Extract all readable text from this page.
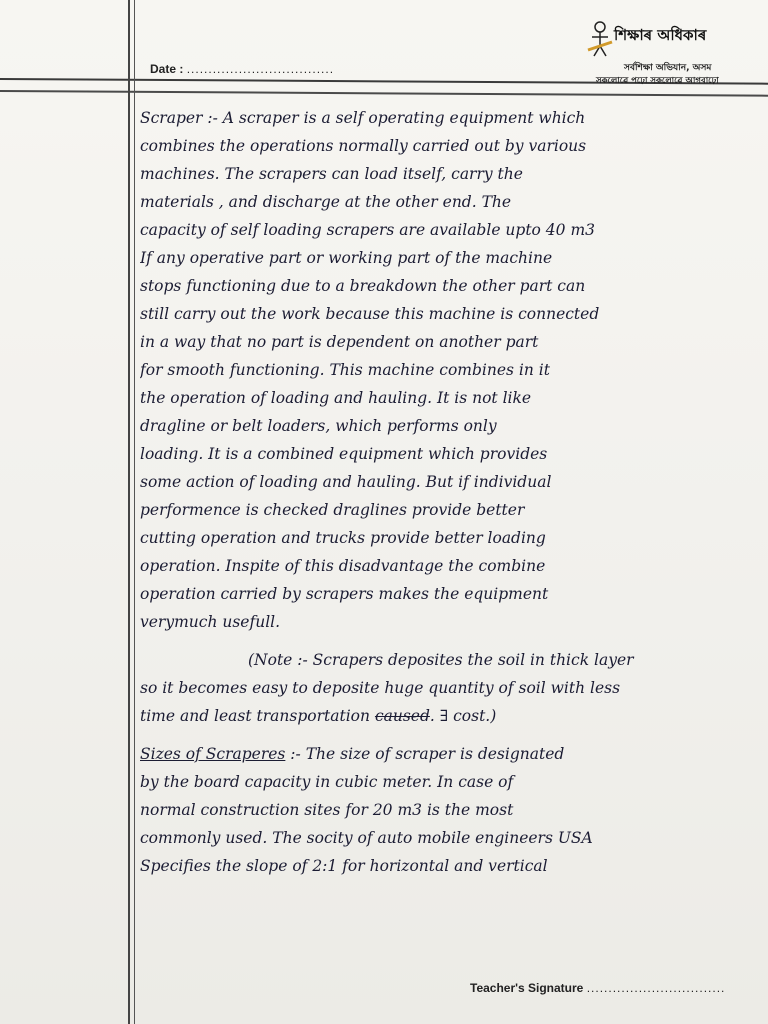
Date : ..................................
শিক্ষাৰ অধিকাৰ
সৰ্বশিক্ষা অভিযান, অসম
সকলোৱে পঢ়ো সকলোৱে আগবাঢ়ো
Scraper :- A scraper is a self operating equipment which
combines the operations normally carried out by various
machines. The scrapers can load itself, carry the
materials , and discharge at the other end. The
capacity of self loading scrapers are available upto 40 m3
If any operative part or working part of the machine
stops functioning due to a breakdown the other part can
still carry out the work because this machine is connected
in a way that no part is dependent on another part
for smooth functioning. This machine combines in it
the operation of loading and hauling. It is not like
dragline or belt loaders, which performs only
loading. It is a combined equipment which provides
some action of loading and hauling. But if individual
performence is checked draglines provide better
cutting operation and trucks provide better loading
operation. Inspite of this disadvantage the combine
operation carried by scrapers makes the equipment
verymuch usefull.
(Note :- Scrapers deposites the soil in thick layer
so it becomes easy to deposite huge quantity of soil with less
time and least transportation caused. ∃ cost.)
Sizes of Scraperes :- The size of scraper is designated
by the board capacity in cubic meter. In case of
normal construction sites for 20 m3 is the most
commonly used. The socity of auto mobile engineers USA
Specifies the slope of 2:1 for horizontal and vertical
Teacher's Signature ................................
